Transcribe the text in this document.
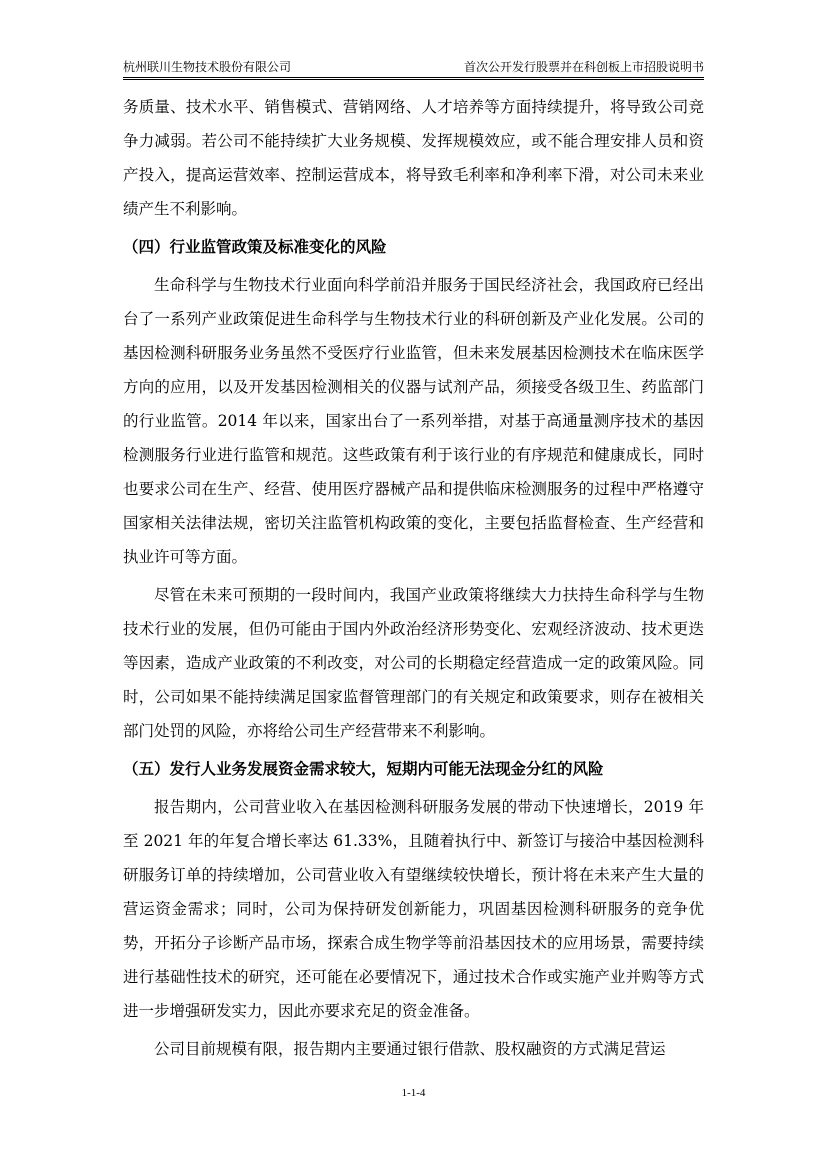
杭州联川生物技术股份有限公司	首次公开发行股票并在科创板上市招股说明书

务质量、技术水平、销售模式、营销网络、人才培养等方面持续提升，将导致公司竞争力减弱。若公司不能持续扩大业务规模、发挥规模效应，或不能合理安排人员和资产投入，提高运营效率、控制运营成本，将导致毛利率和净利率下滑，对公司未来业绩产生不利影响。

（四）行业监管政策及标准变化的风险

生命科学与生物技术行业面向科学前沿并服务于国民经济社会，我国政府已经出台了一系列产业政策促进生命科学与生物技术行业的科研创新及产业化发展。公司的基因检测科研服务业务虽然不受医疗行业监管，但未来发展基因检测技术在临床医学方向的应用，以及开发基因检测相关的仪器与试剂产品，须接受各级卫生、药监部门的行业监管。2014 年以来，国家出台了一系列举措，对基于高通量测序技术的基因检测服务行业进行监管和规范。这些政策有利于该行业的有序规范和健康成长，同时也要求公司在生产、经营、使用医疗器械产品和提供临床检测服务的过程中严格遵守国家相关法律法规，密切关注监管机构政策的变化，主要包括监督检查、生产经营和执业许可等方面。

尽管在未来可预期的一段时间内，我国产业政策将继续大力扶持生命科学与生物技术行业的发展，但仍可能由于国内外政治经济形势变化、宏观经济波动、技术更迭等因素，造成产业政策的不利改变，对公司的长期稳定经营造成一定的政策风险。同时，公司如果不能持续满足国家监督管理部门的有关规定和政策要求，则存在被相关部门处罚的风险，亦将给公司生产经营带来不利影响。

（五）发行人业务发展资金需求较大，短期内可能无法现金分红的风险

报告期内，公司营业收入在基因检测科研服务发展的带动下快速增长，2019 年至 2021 年的年复合增长率达 61.33%，且随着执行中、新签订与接洽中基因检测科研服务订单的持续增加，公司营业收入有望继续较快增长，预计将在未来产生大量的营运资金需求；同时，公司为保持研发创新能力，巩固基因检测科研服务的竞争优势，开拓分子诊断产品市场，探索合成生物学等前沿基因技术的应用场景，需要持续进行基础性技术的研究，还可能在必要情况下，通过技术合作或实施产业并购等方式进一步增强研发实力，因此亦要求充足的资金准备。

公司目前规模有限，报告期内主要通过银行借款、股权融资的方式满足营运

1-1-4
